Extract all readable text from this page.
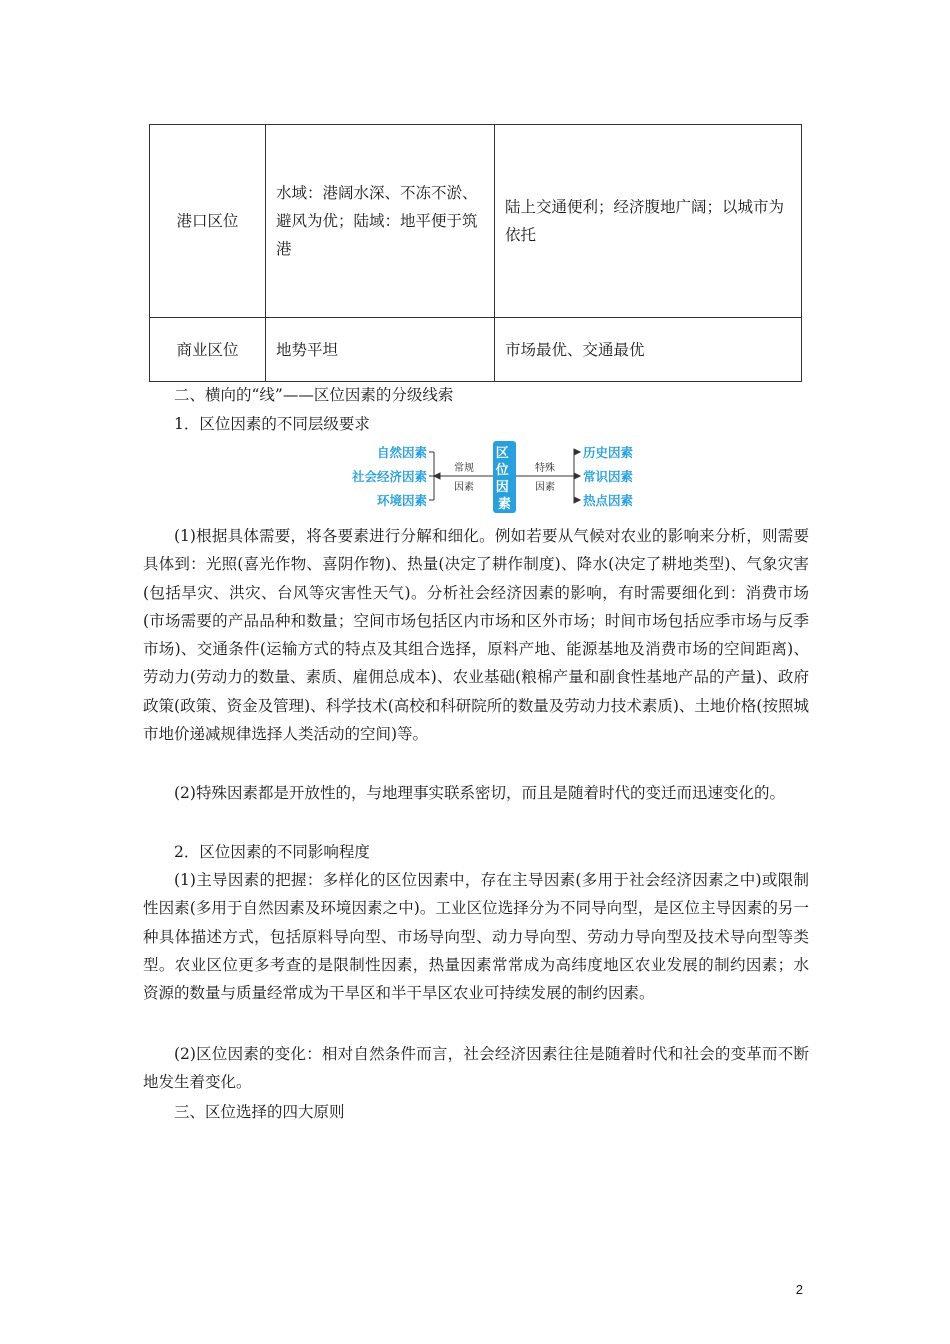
港口区位	水域：港阔水深、不冻不淤、避风为优；陆域：地平便于筑港	陆上交通便利；经济腹地广阔；以城市为依托
商业区位	地势平坦	市场最优、交通最优

二、横向的“线”——区位因素的分级线索

1．区位因素的不同层级要求

自然因素
社会经济因素
环境因素
历史因素
常识因素
热点因素
常规
因素
特殊
因素
区 位 因 素

(1)根据具体需要，将各要素进行分解和细化。例如若要从气候对农业的影响来分析，则需要具体到：光照(喜光作物、喜阴作物)、热量(决定了耕作制度)、降水(决定了耕地类型)、气象灾害(包括旱灾、洪灾、台风等灾害性天气)。分析社会经济因素的影响，有时需要细化到：消费市场(市场需要的产品品种和数量；空间市场包括区内市场和区外市场；时间市场包括应季市场与反季市场)、交通条件(运输方式的特点及其组合选择，原料产地、能源基地及消费市场的空间距离)、劳动力(劳动力的数量、素质、雇佣总成本)、农业基础(粮棉产量和副食性基地产品的产量)、政府政策(政策、资金及管理)、科学技术(高校和科研院所的数量及劳动力技术素质)、土地价格(按照城市地价递减规律选择人类活动的空间)等。

(2)特殊因素都是开放性的，与地理事实联系密切，而且是随着时代的变迁而迅速变化的。

2．区位因素的不同影响程度

(1)主导因素的把握：多样化的区位因素中，存在主导因素(多用于社会经济因素之中)或限制性因素(多用于自然因素及环境因素之中)。工业区位选择分为不同导向型，是区位主导因素的另一种具体描述方式，包括原料导向型、市场导向型、动力导向型、劳动力导向型及技术导向型等类型。农业区位更多考查的是限制性因素，热量因素常常成为高纬度地区农业发展的制约因素；水资源的数量与质量经常成为干旱区和半干旱区农业可持续发展的制约因素。

(2)区位因素的变化：相对自然条件而言，社会经济因素往往是随着时代和社会的变革而不断地发生着变化。

三、区位选择的四大原则

2
